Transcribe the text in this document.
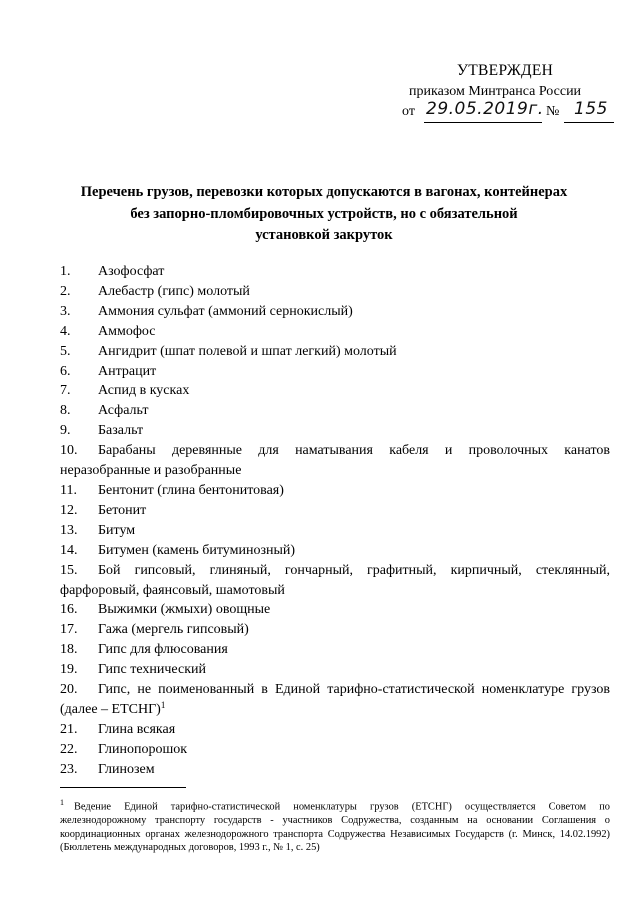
УТВЕРЖДЕН
приказом Минтранса России
от 29.05.2019г. № 155
Перечень грузов, перевозки которых допускаются в вагонах, контейнерах
без запорно-пломбировочных устройств, но с обязательной
установкой закруток
1. Азофосфат
2. Алебастр (гипс) молотый
3. Аммония сульфат (аммоний сернокислый)
4. Аммофос
5. Ангидрит (шпат полевой и шпат легкий) молотый
6. Антрацит
7. Аспид в кусках
8. Асфальт
9. Базальт
10. Барабаны деревянные для наматывания кабеля и проволочных канатов неразобранные и разобранные
11. Бентонит (глина бентонитовая)
12. Бетонит
13. Битум
14. Битумен (камень битуминозный)
15. Бой гипсовый, глиняный, гончарный, графитный, кирпичный, стеклянный, фарфоровый, фаянсовый, шамотовый
16. Выжимки (жмыхи) овощные
17. Гажа (мергель гипсовый)
18. Гипс для флюсования
19. Гипс технический
20. Гипс, не поименованный в Единой тарифно-статистической номенклатуре грузов (далее – ЕТСНГ)$^1$
21. Глина всякая
22. Глинопорошок
23. Глинозем
$^1$ Ведение Единой тарифно-статистической номенклатуры грузов (ЕТСНГ) осуществляется Советом по железнодорожному транспорту государств - участников Содружества, созданным на основании Соглашения о координационных органах железнодорожного транспорта Содружества Независимых Государств (г. Минск, 14.02.1992) (Бюллетень международных договоров, 1993 г., № 1, с. 25)
